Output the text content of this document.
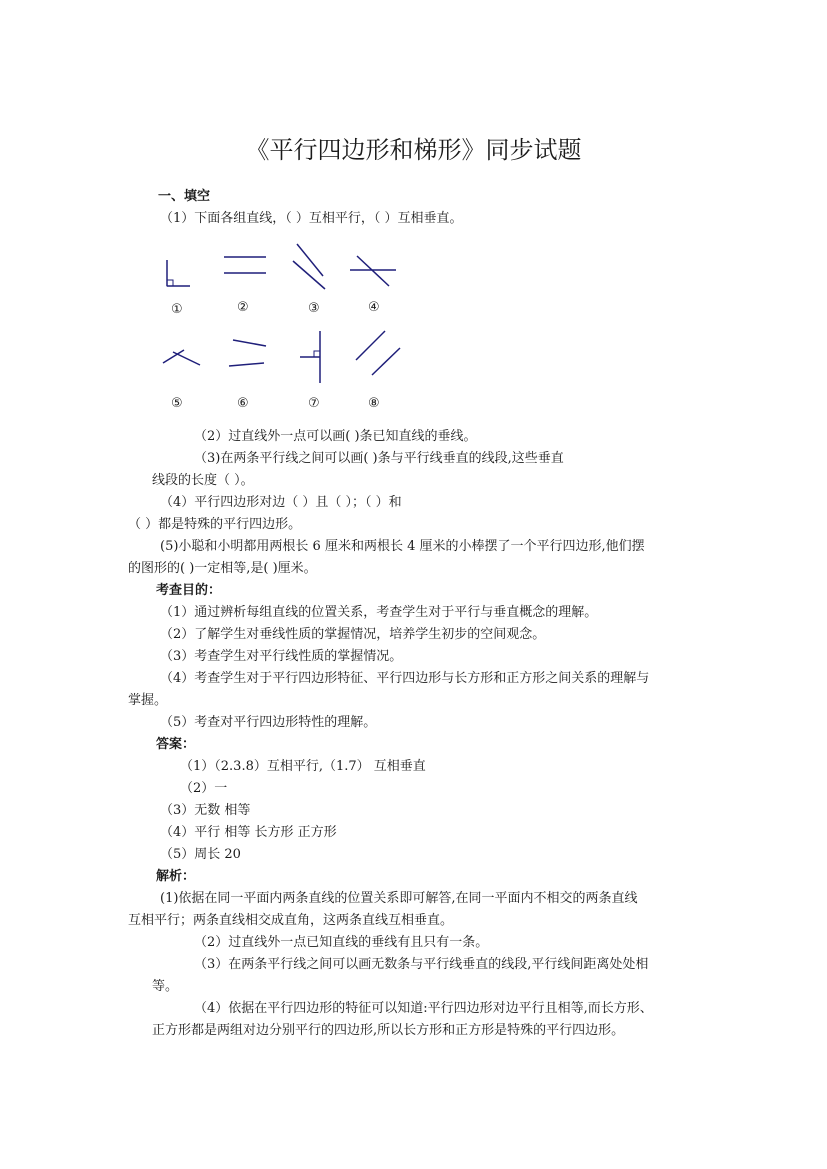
《平行四边形和梯形》同步试题
一、填空
（1）下面各组直线，（ ）互相平行，（ ）互相垂直。
①	②	③	④
⑤	⑥	⑦	⑧
（2）过直线外一点可以画( )条已知直线的垂线。
（3)在两条平行线之间可以画( )条与平行线垂直的线段,这些垂直
线段的长度（ ）。
（4）平行四边形对边（ ）且（ ）；（ ）和
（ ）都是特殊的平行四边形。
(5)小聪和小明都用两根长 6 厘米和两根长 4 厘米的小棒摆了一个平行四边形,他们摆
的图形的( )一定相等,是( )厘米。
考查目的：
（1）通过辨析每组直线的位置关系，考查学生对于平行与垂直概念的理解。
（2）了解学生对垂线性质的掌握情况，培养学生初步的空间观念。
（3）考查学生对平行线性质的掌握情况。
（4）考查学生对于平行四边形特征、平行四边形与长方形和正方形之间关系的理解与
掌握。
（5）考查对平行四边形特性的理解。
答案：
（1）（2.3.8）互相平行,（1.7） 互相垂直
（2）一
（3）无数 相等
（4）平行 相等 长方形 正方形
（5）周长 20
解析：
(1)依据在同一平面内两条直线的位置关系即可解答,在同一平面内不相交的两条直线
互相平行；两条直线相交成直角，这两条直线互相垂直。
（2）过直线外一点已知直线的垂线有且只有一条。
（3）在两条平行线之间可以画无数条与平行线垂直的线段,平行线间距离处处相
等。
（4）依据在平行四边形的特征可以知道:平行四边形对边平行且相等,而长方形、
正方形都是两组对边分别平行的四边形,所以长方形和正方形是特殊的平行四边形。
